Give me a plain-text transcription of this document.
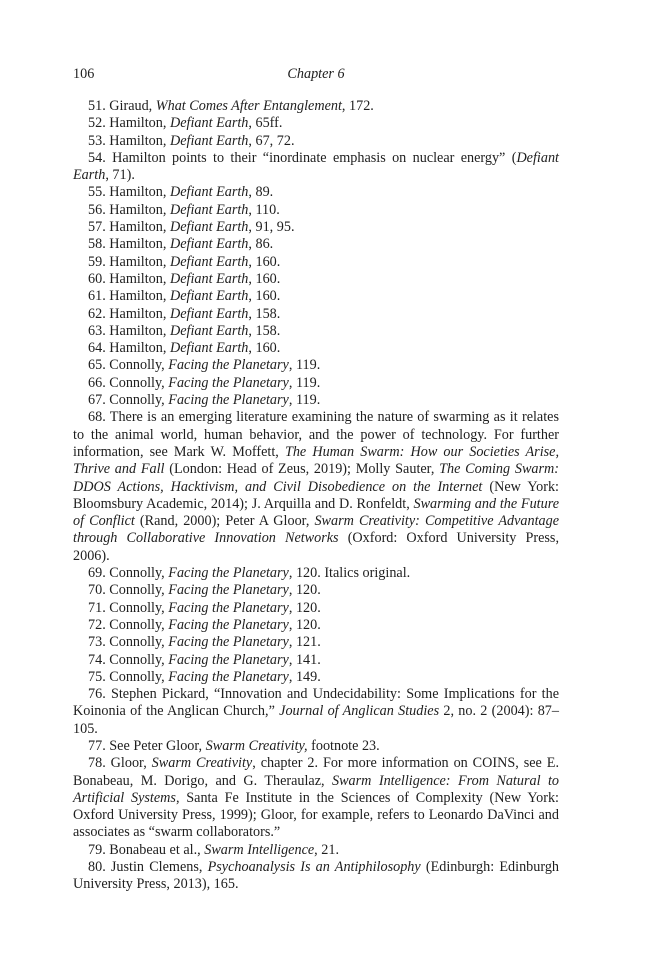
106	Chapter 6

51. Giraud, What Comes After Entanglement, 172.

52. Hamilton, Defiant Earth, 65ff.

53. Hamilton, Defiant Earth, 67, 72.

54. Hamilton points to their “inordinate emphasis on nuclear energy” (Defiant Earth, 71).

55. Hamilton, Defiant Earth, 89.

56. Hamilton, Defiant Earth, 110.

57. Hamilton, Defiant Earth, 91, 95.

58. Hamilton, Defiant Earth, 86.

59. Hamilton, Defiant Earth, 160.

60. Hamilton, Defiant Earth, 160.

61. Hamilton, Defiant Earth, 160.

62. Hamilton, Defiant Earth, 158.

63. Hamilton, Defiant Earth, 158.

64. Hamilton, Defiant Earth, 160.

65. Connolly, Facing the Planetary, 119.

66. Connolly, Facing the Planetary, 119.

67. Connolly, Facing the Planetary, 119.

68. There is an emerging literature examining the nature of swarming as it relates to the animal world, human behavior, and the power of technology. For further information, see Mark W. Moffett, The Human Swarm: How our Societies Arise, Thrive and Fall (London: Head of Zeus, 2019); Molly Sauter, The Coming Swarm: DDOS Actions, Hacktivism, and Civil Disobedience on the Internet (New York: Bloomsbury Academic, 2014); J. Arquilla and D. Ronfeldt, Swarming and the Future of Conflict (Rand, 2000); Peter A Gloor, Swarm Creativity: Competitive Advantage through Collaborative Innovation Networks (Oxford: Oxford University Press, 2006).

69. Connolly, Facing the Planetary, 120. Italics original.

70. Connolly, Facing the Planetary, 120.

71. Connolly, Facing the Planetary, 120.

72. Connolly, Facing the Planetary, 120.

73. Connolly, Facing the Planetary, 121.

74. Connolly, Facing the Planetary, 141.

75. Connolly, Facing the Planetary, 149.

76. Stephen Pickard, “Innovation and Undecidability: Some Implications for the Koinonia of the Anglican Church,” Journal of Anglican Studies 2, no. 2 (2004): 87–105.

77. See Peter Gloor, Swarm Creativity, footnote 23.

78. Gloor, Swarm Creativity, chapter 2. For more information on COINS, see E. Bonabeau, M. Dorigo, and G. Theraulaz, Swarm Intelligence: From Natural to Artificial Systems, Santa Fe Institute in the Sciences of Complexity (New York: Oxford University Press, 1999); Gloor, for example, refers to Leonardo DaVinci and associates as “swarm collaborators.”

79. Bonabeau et al., Swarm Intelligence, 21.

80. Justin Clemens, Psychoanalysis Is an Antiphilosophy (Edinburgh: Edinburgh University Press, 2013), 165.
